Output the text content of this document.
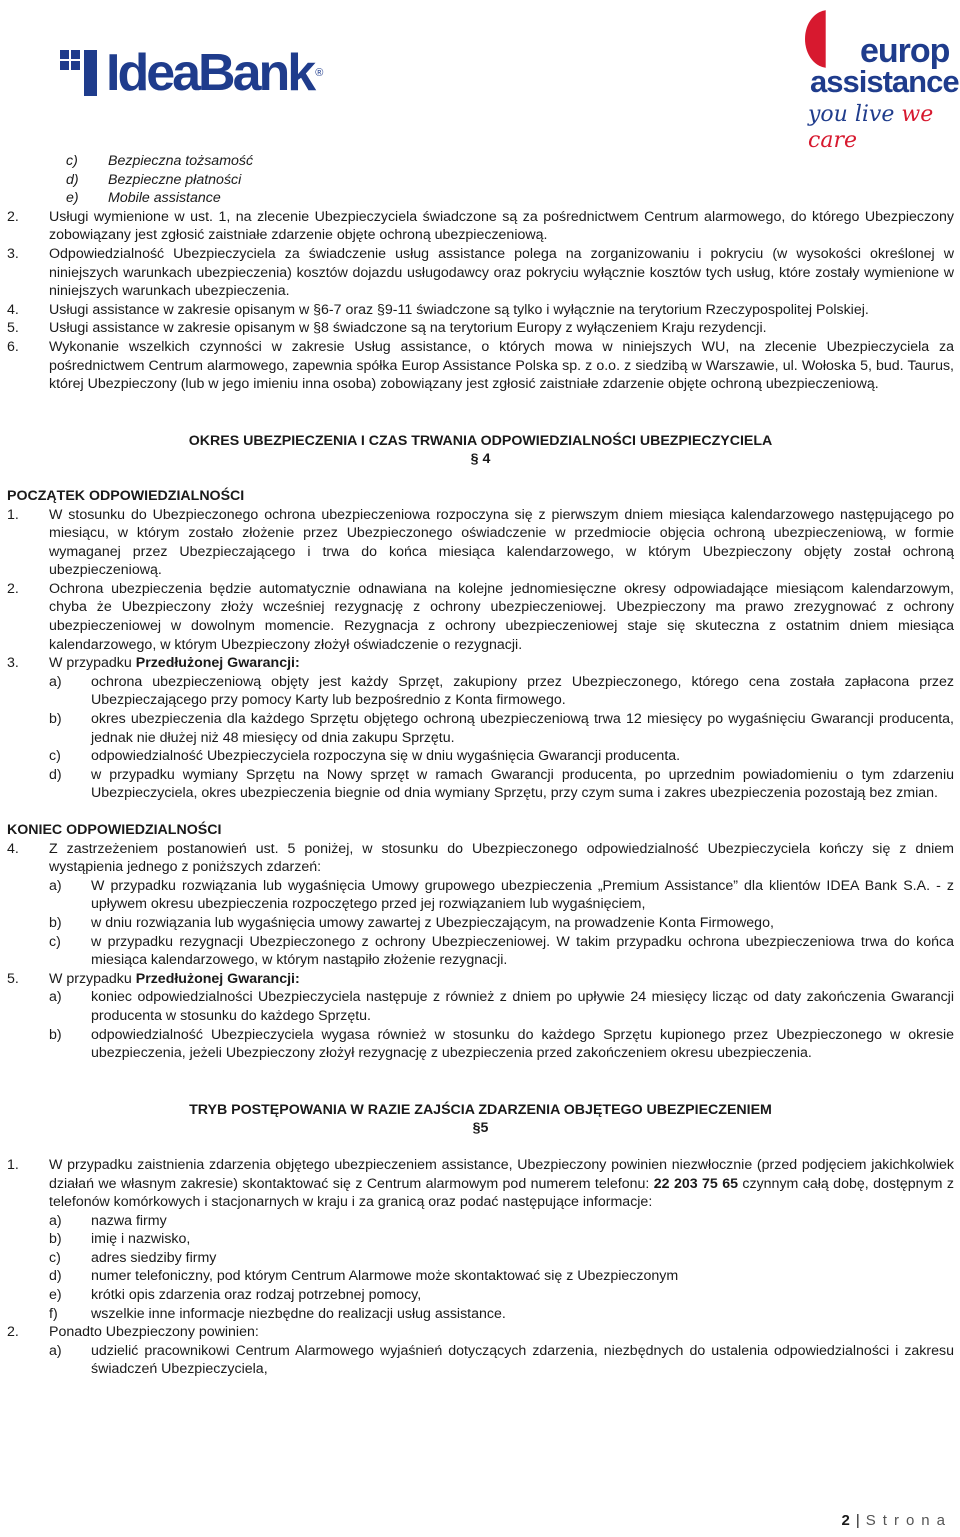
IdeaBank ®
europ
assistance
you live we care
c)	Bezpieczna tożsamość
d)	Bezpieczne płatności
e)	Mobile assistance
2.	Usługi wymienione w ust. 1, na zlecenie Ubezpieczyciela świadczone są za pośrednictwem Centrum alarmowego, do którego Ubezpieczony zobowiązany jest zgłosić zaistniałe zdarzenie objęte ochroną ubezpieczeniową.
3.	Odpowiedzialność Ubezpieczyciela za świadczenie usług assistance polega na zorganizowaniu i pokryciu (w wysokości określonej w niniejszych warunkach ubezpieczenia) kosztów dojazdu usługodawcy oraz pokryciu wyłącznie kosztów tych usług, które zostały wymienione w niniejszych warunkach ubezpieczenia.
4.	Usługi assistance w zakresie opisanym w §6-7 oraz §9-11 świadczone są tylko i wyłącznie na terytorium Rzeczypospolitej Polskiej.
5.	Usługi assistance w zakresie opisanym w §8 świadczone są na terytorium Europy z wyłączeniem Kraju rezydencji.
6.	Wykonanie wszelkich czynności w zakresie Usług assistance, o których mowa w niniejszych WU, na zlecenie Ubezpieczyciela za pośrednictwem Centrum alarmowego, zapewnia spółka Europ Assistance Polska sp. z o.o. z siedzibą w Warszawie, ul. Wołoska 5, bud. Taurus, której Ubezpieczony (lub w jego imieniu inna osoba) zobowiązany jest zgłosić zaistniałe zdarzenie objęte ochroną ubezpieczeniową.
OKRES UBEZPIECZENIA I CZAS TRWANIA ODPOWIEDZIALNOŚCI UBEZPIECZYCIELA
§ 4
POCZĄTEK ODPOWIEDZIALNOŚCI
1.	W stosunku do Ubezpieczonego ochrona ubezpieczeniowa rozpoczyna się z pierwszym dniem miesiąca kalendarzowego następującego po miesiącu, w którym zostało złożenie przez Ubezpieczonego oświadczenie w przedmiocie objęcia ochroną ubezpieczeniową, w formie wymaganej przez Ubezpieczającego i trwa do końca miesiąca kalendarzowego, w którym Ubezpieczony objęty został ochroną ubezpieczeniową.
2.	Ochrona ubezpieczenia będzie automatycznie odnawiana na kolejne jednomiesięczne okresy odpowiadające miesiącom kalendarzowym, chyba że Ubezpieczony złoży wcześniej rezygnację z ochrony ubezpieczeniowej. Ubezpieczony ma prawo zrezygnować z ochrony ubezpieczeniowej w dowolnym momencie. Rezygnacja z ochrony ubezpieczeniowej staje się skuteczna z ostatnim dniem miesiąca kalendarzowego, w którym Ubezpieczony złożył oświadczenie o rezygnacji.
3.	W przypadku Przedłużonej Gwarancji:
a)	ochrona ubezpieczeniową objęty jest każdy Sprzęt, zakupiony przez Ubezpieczonego, którego cena została zapłacona przez Ubezpieczającego przy pomocy Karty lub bezpośrednio z Konta firmowego.
b)	okres ubezpieczenia dla każdego Sprzętu objętego ochroną ubezpieczeniową trwa 12 miesięcy po wygaśnięciu Gwarancji producenta, jednak nie dłużej niż 48 miesięcy od dnia zakupu Sprzętu.
c)	odpowiedzialność Ubezpieczyciela rozpoczyna się w dniu wygaśnięcia Gwarancji producenta.
d)	w przypadku wymiany Sprzętu na Nowy sprzęt w ramach Gwarancji producenta, po uprzednim powiadomieniu o tym zdarzeniu Ubezpieczyciela, okres ubezpieczenia biegnie od dnia wymiany Sprzętu, przy czym suma i zakres ubezpieczenia pozostają bez zmian.
KONIEC ODPOWIEDZIALNOŚCI
4.	Z zastrzeżeniem postanowień ust. 5 poniżej, w stosunku do Ubezpieczonego odpowiedzialność Ubezpieczyciela kończy się z dniem wystąpienia jednego z poniższych zdarzeń:
a)	W przypadku rozwiązania lub wygaśnięcia Umowy grupowego ubezpieczenia „Premium Assistance” dla klientów IDEA Bank S.A. - z upływem okresu ubezpieczenia rozpoczętego przed jej rozwiązaniem lub wygaśnięciem,
b)	w dniu rozwiązania lub wygaśnięcia umowy zawartej z Ubezpieczającym, na prowadzenie Konta Firmowego,
c)	w przypadku rezygnacji Ubezpieczonego z ochrony Ubezpieczeniowej. W takim przypadku ochrona ubezpieczeniowa trwa do końca miesiąca kalendarzowego, w którym nastąpiło złożenie rezygnacji.
5.	W przypadku Przedłużonej Gwarancji:
a)	koniec odpowiedzialności Ubezpieczyciela następuje z również z dniem po upływie 24 miesięcy licząc od daty zakończenia Gwarancji producenta w stosunku do każdego Sprzętu.
b)	odpowiedzialność Ubezpieczyciela wygasa również w stosunku do każdego Sprzętu kupionego przez Ubezpieczonego w okresie ubezpieczenia, jeżeli Ubezpieczony złożył rezygnację z ubezpieczenia przed zakończeniem okresu ubezpieczenia.
TRYB POSTĘPOWANIA W RAZIE ZAJŚCIA ZDARZENIA OBJĘTEGO UBEZPIECZENIEM
§5
1.	W przypadku zaistnienia zdarzenia objętego ubezpieczeniem assistance, Ubezpieczony powinien niezwłocznie (przed podjęciem jakichkolwiek działań we własnym zakresie) skontaktować się z Centrum alarmowym pod numerem telefonu: 22 203 75 65 czynnym całą dobę, dostępnym z telefonów komórkowych i stacjonarnych w kraju i za granicą oraz podać następujące informacje:
a)	nazwa firmy
b)	imię i nazwisko,
c)	adres siedziby firmy
d)	numer telefoniczny, pod którym Centrum Alarmowe może skontaktować się z Ubezpieczonym
e)	krótki opis zdarzenia oraz rodzaj potrzebnej pomocy,
f)	wszelkie inne informacje niezbędne do realizacji usług assistance.
2.	Ponadto Ubezpieczony powinien:
a)	udzielić pracownikowi Centrum Alarmowego wyjaśnień dotyczących zdarzenia, niezbędnych do ustalenia odpowiedzialności i zakresu świadczeń Ubezpieczyciela,
2 | Strona
